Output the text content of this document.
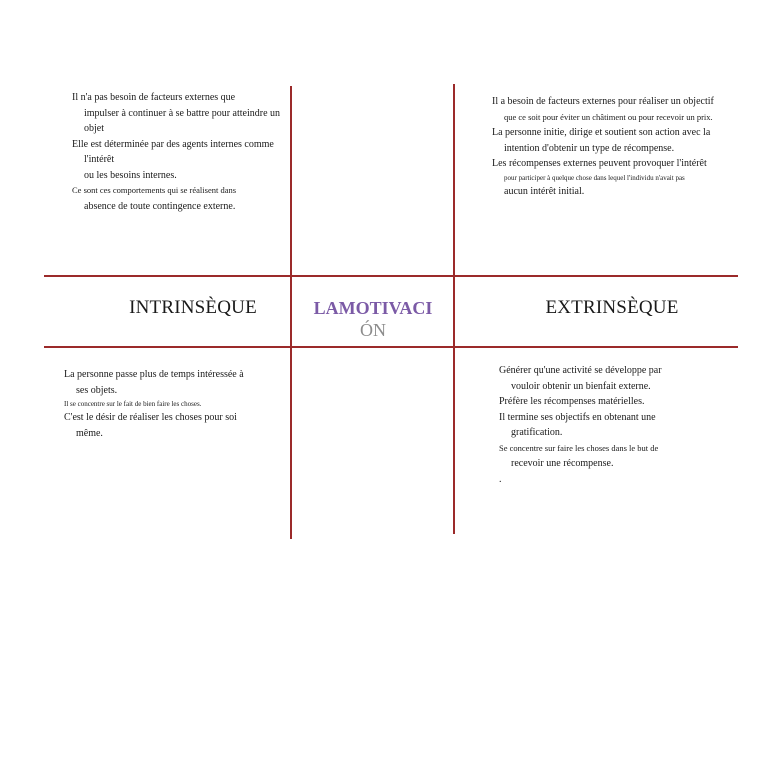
Il n'a pas besoin de facteurs externes que
impulser à continuer à se battre pour atteindre un
objet
Elle est déterminée par des agents internes comme
l'intérêt
ou les besoins internes.
Ce sont ces comportements qui se réalisent dans
absence de toute contingence externe.
Il a besoin de facteurs externes pour réaliser un objectif
que ce soit pour éviter un châtiment ou pour recevoir un prix.
La personne initie, dirige et soutient son action avec la
intention d'obtenir un type de récompense.
Les récompenses externes peuvent provoquer l'intérêt
pour participer à quelque chose dans lequel l'individu n'avait pas
aucun intérêt initial.
INTRINSÈQUE	EXTRINSÈQUE
LAMOTIVACI
ÓN
La personne passe plus de temps intéressée à
ses objets.
Il se concentre sur le fait de bien faire les choses.
C'est le désir de réaliser les choses pour soi
même.
Générer qu'une activité se développe par
vouloir obtenir un bienfait externe.
Préfère les récompenses matérielles.
Il termine ses objectifs en obtenant une
gratification.
Se concentre sur faire les choses dans le but de
recevoir une récompense.
.
